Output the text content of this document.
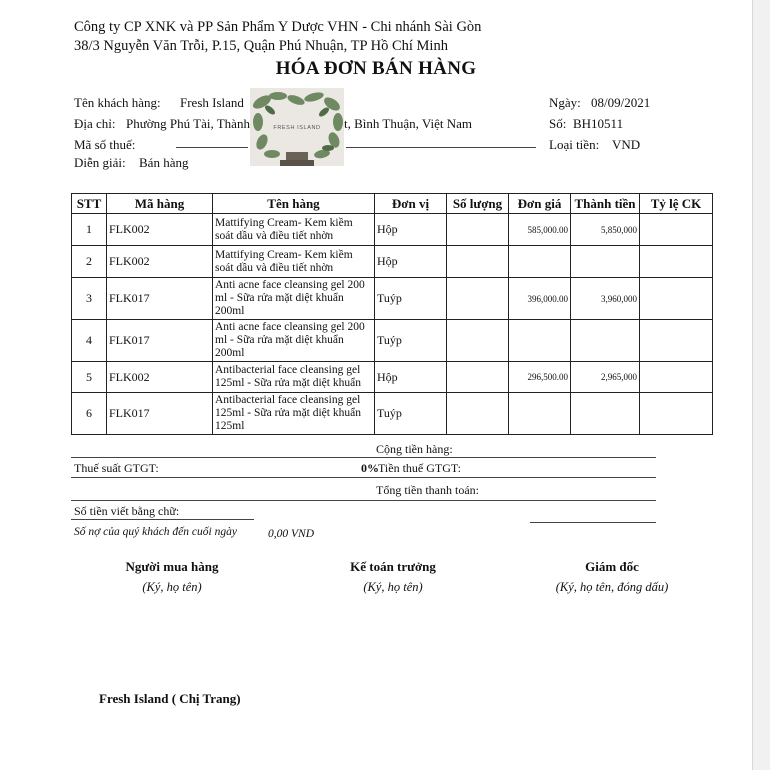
Công ty CP XNK và PP Sản Phẩm Y Dược VHN - Chi nhánh Sài Gòn
38/3 Nguyễn Văn Trỗi, P.15, Quận Phú Nhuận, TP Hồ Chí Minh
HÓA ĐƠN BÁN HÀNG
Tên khách hàng: Fresh Island
Địa chỉ: Phường Phú Tài, Thành	t, Bình Thuận, Việt Nam
Mã số thuế:
Diễn giải: Bán hàng
FRESH ISLAND
Ngày: 08/09/2021
Số: BH10511
Loại tiền: VND
STT	Mã hàng	Tên hàng	Đơn vị	Số lượng	Đơn giá	Thành tiền	Tỷ lệ CK
1	FLK002	Mattifying Cream- Kem kiềm soát dầu và điều tiết nhờn	Hộp		585,000.00	5,850,000	
2	FLK002	Mattifying Cream- Kem kiềm soát dầu và điều tiết nhờn	Hộp				
3	FLK017	Anti acne face cleansing gel 200 ml - Sữa rửa mặt diệt khuẩn 200ml	Tuýp		396,000.00	3,960,000	
4	FLK017	Anti acne face cleansing gel 200 ml - Sữa rửa mặt diệt khuẩn 200ml	Tuýp				
5	FLK002	Antibacterial face cleansing gel 125ml - Sữa rửa mặt diệt khuẩn	Hộp		296,500.00	2,965,000	
6	FLK017	Antibacterial face cleansing gel 125ml - Sữa rửa mặt diệt khuẩn 125ml	Tuýp				
Cộng tiền hàng:
Thuế suất GTGT:	0% Tiền thuế GTGT:
Tổng tiền thanh toán:
Số tiền viết bằng chữ:
Số nợ của quý khách đến cuối ngày	0,00 VND
Người mua hàng
(Ký, họ tên)
Kế toán trưởng
(Ký, họ tên)
Giám đốc
(Ký, họ tên, đóng dấu)
Fresh Island ( Chị Trang)
